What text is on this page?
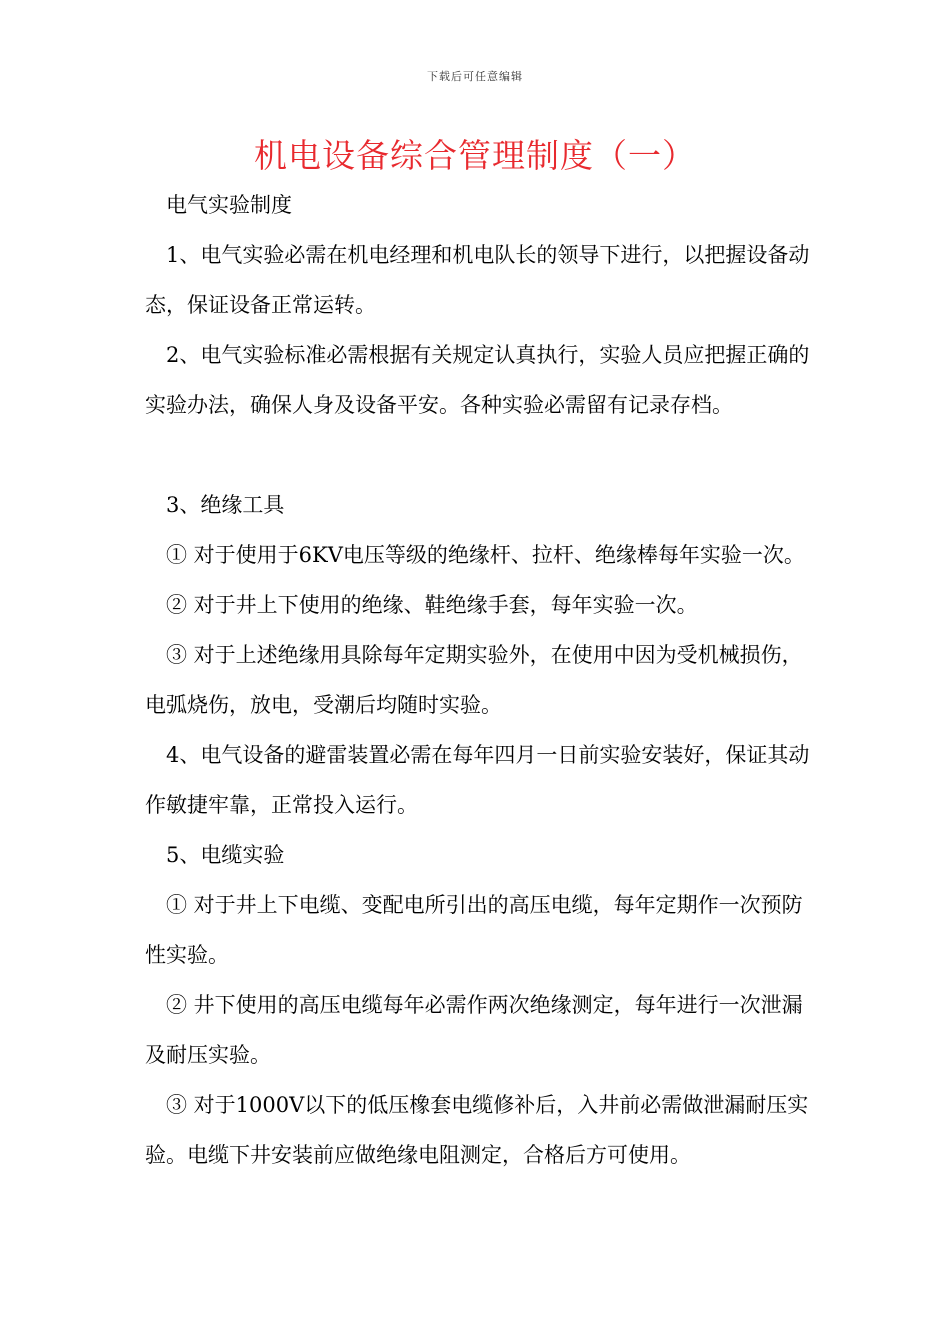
下载后可任意编辑
机电设备综合管理制度（一）

电气实验制度

1、电气实验必需在机电经理和机电队长的领导下进行，以把握设备动态，保证设备正常运转。

2、电气实验标准必需根据有关规定认真执行，实验人员应把握正确的实验办法，确保人身及设备平安。各种实验必需留有记录存档。

3、绝缘工具

① 对于使用于6KV电压等级的绝缘杆、拉杆、绝缘棒每年实验一次。

② 对于井上下使用的绝缘、鞋绝缘手套，每年实验一次。

③ 对于上述绝缘用具除每年定期实验外，在使用中因为受机械损伤，电弧烧伤，放电，受潮后均随时实验。

4、电气设备的避雷装置必需在每年四月一日前实验安装好，保证其动作敏捷牢靠，正常投入运行。

5、电缆实验

① 对于井上下电缆、变配电所引出的高压电缆，每年定期作一次预防性实验。

② 井下使用的高压电缆每年必需作两次绝缘测定，每年进行一次泄漏及耐压实验。

③ 对于1000V以下的低压橡套电缆修补后，入井前必需做泄漏耐压实验。电缆下井安装前应做绝缘电阻测定，合格后方可使用。
